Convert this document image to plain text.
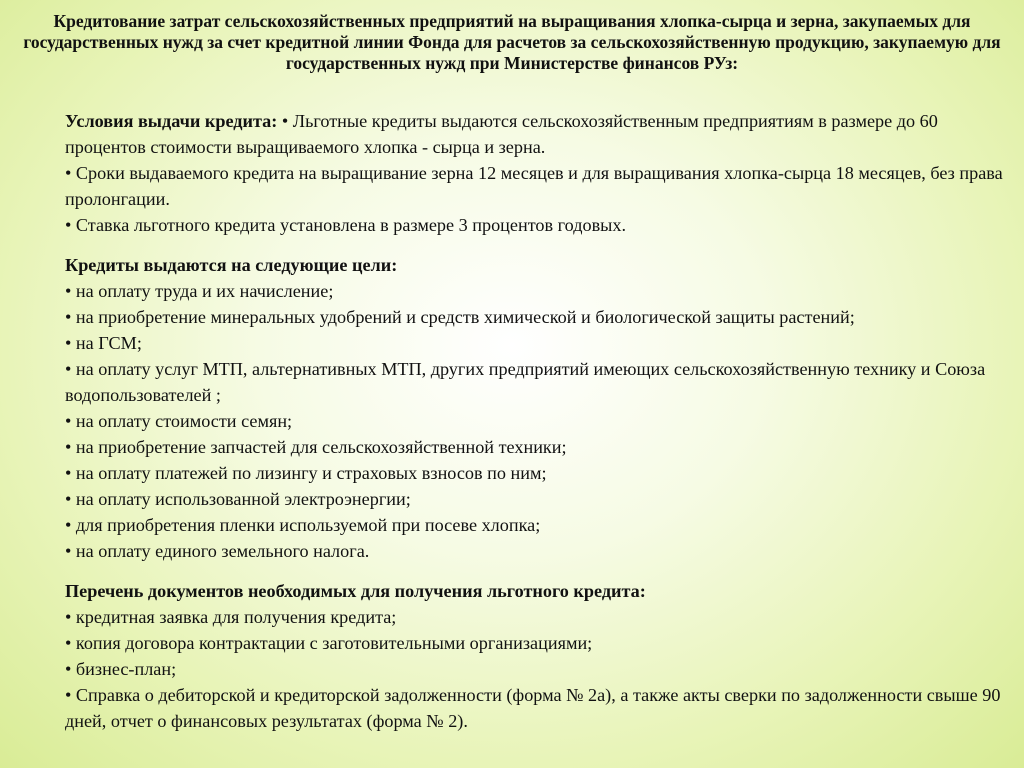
Кредитование затрат сельскохозяйственных предприятий на выращивания хлопка-сырца и зерна, закупаемых для государственных нужд за счет кредитной линии Фонда для расчетов за сельскохозяйственную продукцию, закупаемую для государственных нужд при Министерстве финансов РУз:

Условия выдачи кредита: • Льготные кредиты выдаются сельскохозяйственным предприятиям в размере до 60 процентов стоимости выращиваемого хлопка - сырца и зерна.

• Сроки выдаваемого кредита на выращивание зерна 12 месяцев и для выращивания хлопка-сырца 18 месяцев, без права пролонгации.

• Ставка льготного кредита установлена в размере 3 процентов годовых.

Кредиты выдаются на следующие цели:

• на оплату труда и их начисление;

• на приобретение минеральных удобрений и средств химической и биологической защиты растений;

• на ГСМ;

• на оплату услуг МТП, альтернативных МТП, других предприятий имеющих сельскохозяйственную технику и Союза водопользователей ;

• на оплату стоимости семян;

• на приобретение запчастей для сельскохозяйственной техники;

• на оплату платежей по лизингу и страховых взносов по ним;

• на оплату использованной электроэнергии;

• для приобретения пленки используемой при посеве хлопка;

• на оплату единого земельного налога.

Перечень документов необходимых для получения льготного кредита:

• кредитная заявка для получения кредита;

• копия договора контрактации с заготовительными организациями;

• бизнес-план;

• Справка о дебиторской и кредиторской задолженности (форма № 2а), а также акты сверки по задолженности свыше 90 дней, отчет о финансовых результатах (форма № 2).
